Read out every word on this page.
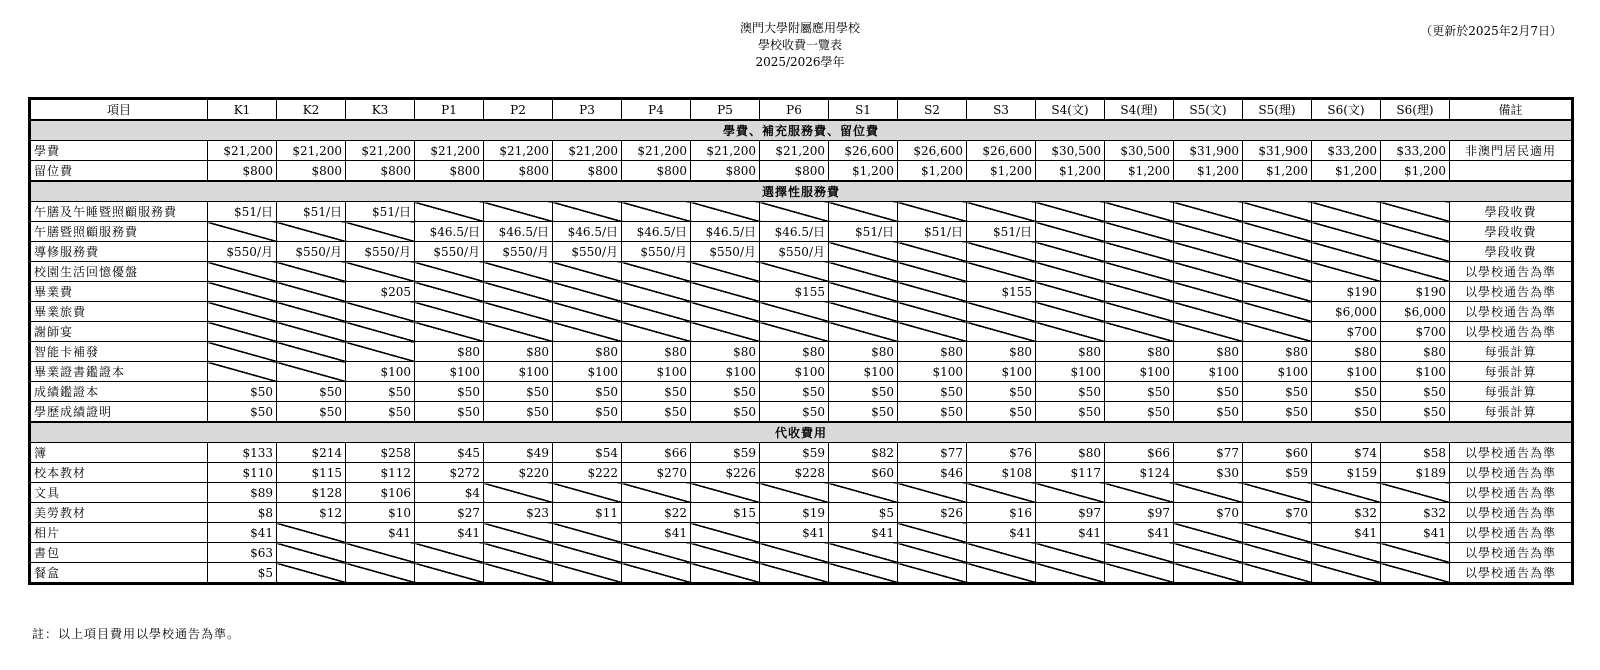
澳門大學附屬應用學校
學校收費一覽表
2025/2026學年
（更新於2025年2月7日）
項目	K1	K2	K3	P1	P2	P3	P4	P5	P6	S1	S2	S3	S4(文)	S4(理)	S5(文)	S5(理)	S6(文)	S6(理)	備註
學費、補充服務費、留位費																			
學費	$21,200	$21,200	$21,200	$21,200	$21,200	$21,200	$21,200	$21,200	$21,200	$26,600	$26,600	$26,600	$30,500	$30,500	$31,900	$31,900	$33,200	$33,200	非澳門居民適用
留位費	$800	$800	$800	$800	$800	$800	$800	$800	$800	$1,200	$1,200	$1,200	$1,200	$1,200	$1,200	$1,200	$1,200	$1,200	
選擇性服務費																			
午膳及午睡暨照顧服務費	$51/日	$51/日	$51/日																學段收費
午膳暨照顧服務費				$46.5/日	$46.5/日	$46.5/日	$46.5/日	$46.5/日	$46.5/日	$51/日	$51/日	$51/日							學段收費
導修服務費	$550/月	$550/月	$550/月	$550/月	$550/月	$550/月	$550/月	$550/月	$550/月										學段收費
校園生活回憶優盤																			以學校通告為準
畢業費			$205						$155			$155					$190	$190	以學校通告為準
畢業旅費																	$6,000	$6,000	以學校通告為準
謝師宴																	$700	$700	以學校通告為準
智能卡補發				$80	$80	$80	$80	$80	$80	$80	$80	$80	$80	$80	$80	$80	$80	$80	每張計算
畢業證書鑑證本			$100	$100	$100	$100	$100	$100	$100	$100	$100	$100	$100	$100	$100	$100	$100	$100	每張計算
成績鑑證本	$50	$50	$50	$50	$50	$50	$50	$50	$50	$50	$50	$50	$50	$50	$50	$50	$50	$50	每張計算
學歷成績證明	$50	$50	$50	$50	$50	$50	$50	$50	$50	$50	$50	$50	$50	$50	$50	$50	$50	$50	每張計算
代收費用																			
簿	$133	$214	$258	$45	$49	$54	$66	$59	$59	$82	$77	$76	$80	$66	$77	$60	$74	$58	以學校通告為準
校本教材	$110	$115	$112	$272	$220	$222	$270	$226	$228	$60	$46	$108	$117	$124	$30	$59	$159	$189	以學校通告為準
文具	$89	$128	$106	$4															以學校通告為準
美勞教材	$8	$12	$10	$27	$23	$11	$22	$15	$19	$5	$26	$16	$97	$97	$70	$70	$32	$32	以學校通告為準
相片	$41		$41	$41			$41		$41	$41		$41	$41	$41			$41	$41	以學校通告為準
書包	$63																		以學校通告為準
餐盒	$5																		以學校通告為準
註：以上項目費用以學校通告為準。
